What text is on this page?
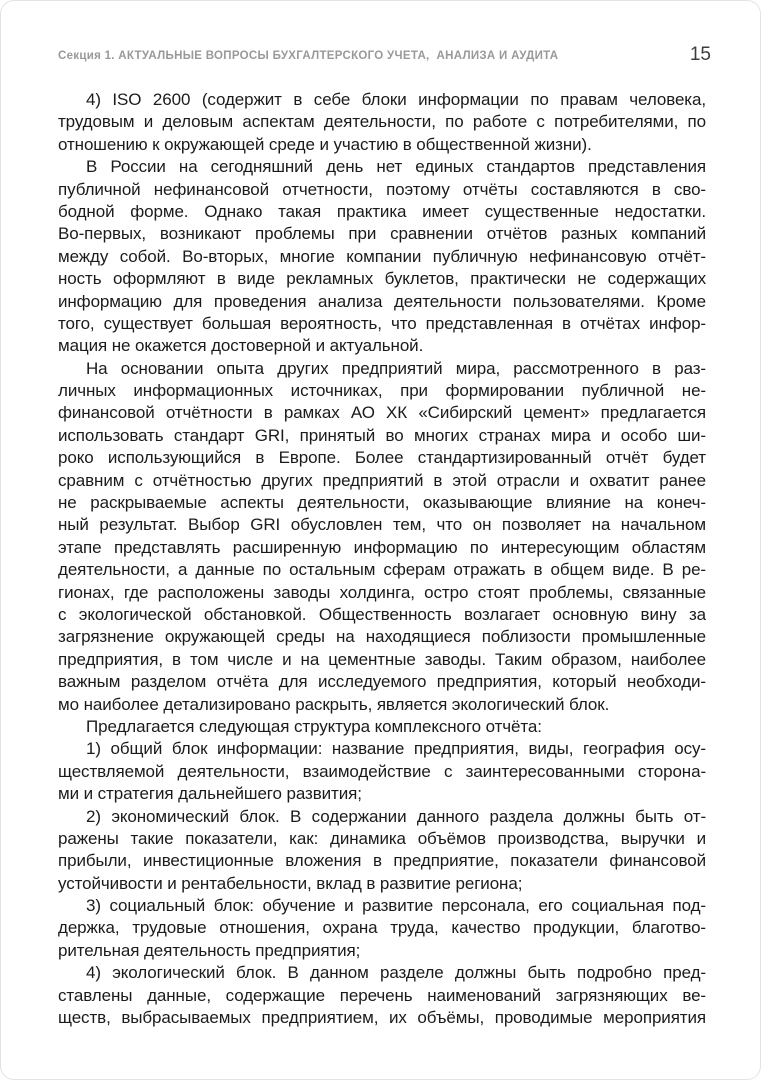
Секция 1. АКТУАЛЬНЫЕ ВОПРОСЫ БУХГАЛТЕРСКОГО УЧЕТА,  АНАЛИЗА И АУДИТА	15
4) ISO 2600 (содержит в себе блоки информации по правам человека,
трудовым и деловым аспектам деятельности, по работе с потребителями, по
отношению к окружающей среде и участию в общественной жизни).
В России на сегодняшний день нет единых стандартов представления
публичной нефинансовой отчетности, поэтому отчёты составляются в сво-
бодной форме. Однако такая практика имеет существенные недостатки.
Во-первых, возникают проблемы при сравнении отчётов разных компаний
между собой. Во-вторых, многие компании публичную нефинансовую отчёт-
ность оформляют в виде рекламных буклетов, практически не содержащих
информацию для проведения анализа деятельности пользователями. Кроме
того, существует большая вероятность, что представленная в отчётах инфор-
мация не окажется достоверной и актуальной.
На основании опыта других предприятий мира, рассмотренного в раз-
личных информационных источниках, при формировании публичной не-
финансовой отчётности в рамках АО ХК «Сибирский цемент» предлагается
использовать стандарт GRI, принятый во многих странах мира и особо ши-
роко использующийся в Европе. Более стандартизированный отчёт будет
сравним с отчётностью других предприятий в этой отрасли и охватит ранее
не раскрываемые аспекты деятельности, оказывающие влияние на конеч-
ный результат. Выбор GRI обусловлен тем, что он позволяет на начальном
этапе представлять расширенную информацию по интересующим областям
деятельности, а данные по остальным сферам отражать в общем виде. В ре-
гионах, где расположены заводы холдинга, остро стоят проблемы, связанные
с экологической обстановкой. Общественность возлагает основную вину за
загрязнение окружающей среды на находящиеся поблизости промышленные
предприятия, в том числе и на цементные заводы. Таким образом, наиболее
важным разделом отчёта для исследуемого предприятия, который необходи-
мо наиболее детализировано раскрыть, является экологический блок.
Предлагается следующая структура комплексного отчёта:
1) общий блок информации: название предприятия, виды, география осу-
ществляемой деятельности, взаимодействие с заинтересованными сторона-
ми и стратегия дальнейшего развития;
2) экономический блок. В содержании данного раздела должны быть от-
ражены такие показатели, как: динамика объёмов производства, выручки и
прибыли, инвестиционные вложения в предприятие, показатели финансовой
устойчивости и рентабельности, вклад в развитие региона;
3) социальный блок: обучение и развитие персонала, его социальная под-
держка, трудовые отношения, охрана труда, качество продукции, благотво-
рительная деятельность предприятия;
4) экологический блок. В данном разделе должны быть подробно пред-
ставлены данные, содержащие перечень наименований загрязняющих ве-
ществ, выбрасываемых предприятием, их объёмы, проводимые мероприятия
